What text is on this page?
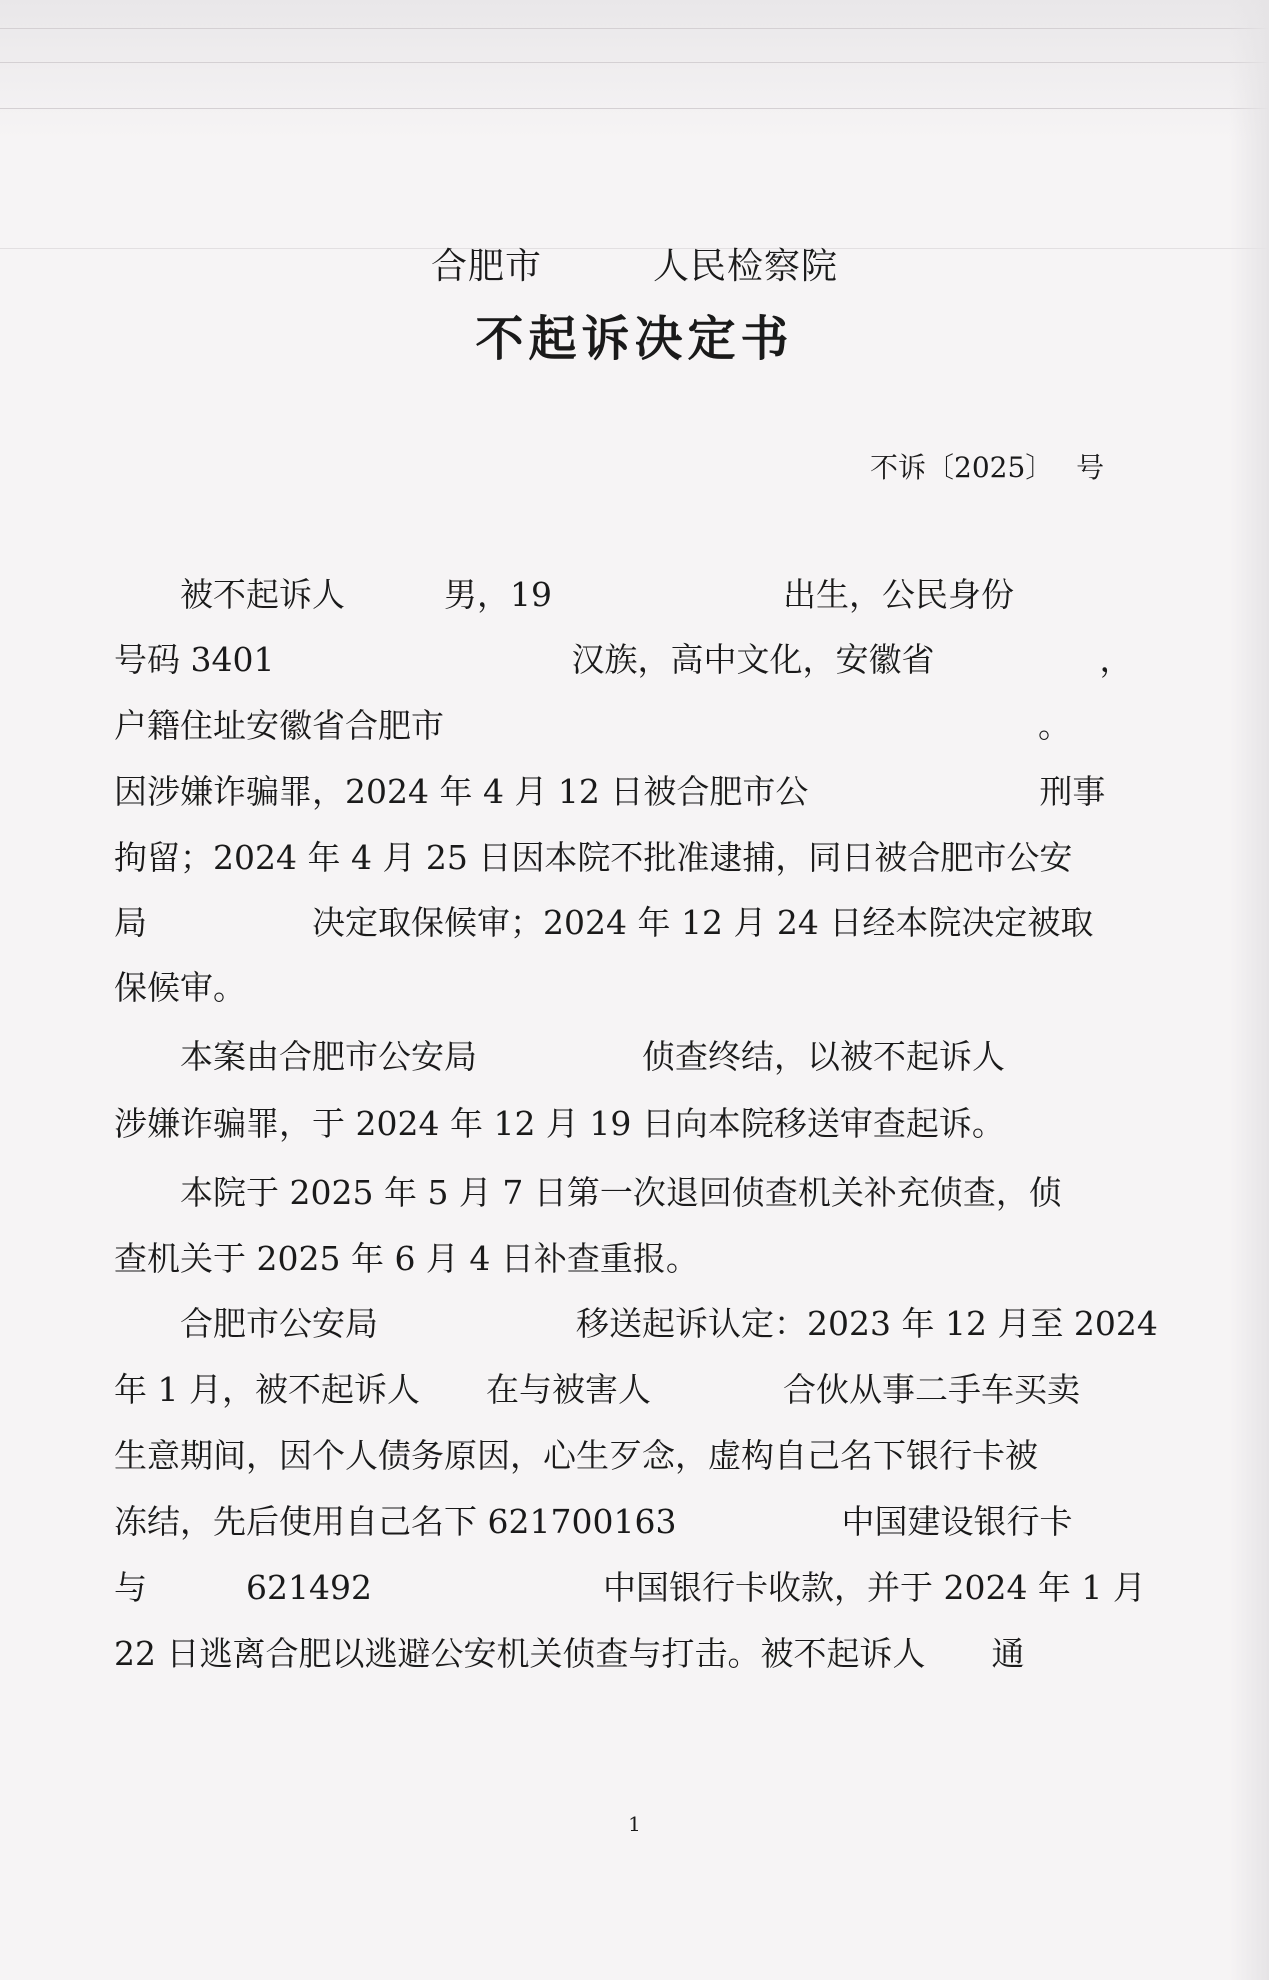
合肥市　　　人民检察院
不起诉决定书
不诉〔2025〕　 号
　　被不起诉人　　　男，19　　　　　　　出生，公民身份
号码 3401　　　　　　　　　汉族，高中文化，安徽省　　　　　，
户籍住址安徽省合肥市　　　　　　　　　　　　　　　　　　。
因涉嫌诈骗罪，2024 年 4 月 12 日被合肥市公　　　　　　　刑事
拘留；2024 年 4 月 25 日因本院不批准逮捕，同日被合肥市公安
局　　　　　决定取保候审；2024 年 12 月 24 日经本院决定被取
保候审。
　　本案由合肥市公安局　　　　　侦查终结，以被不起诉人
涉嫌诈骗罪，于 2024 年 12 月 19 日向本院移送审查起诉。
　　本院于 2025 年 5 月 7 日第一次退回侦查机关补充侦查，侦
查机关于 2025 年 6 月 4 日补查重报。
　　合肥市公安局　　　　　　移送起诉认定：2023 年 12 月至 2024
年 1 月，被不起诉人　　在与被害人　　　　合伙从事二手车买卖
生意期间，因个人债务原因，心生歹念，虚构自己名下银行卡被
冻结，先后使用自己名下 621700163　　　　　中国建设银行卡
与　　　621492　　　　　　　中国银行卡收款，并于 2024 年 1 月
22 日逃离合肥以逃避公安机关侦查与打击。被不起诉人　　通
1
